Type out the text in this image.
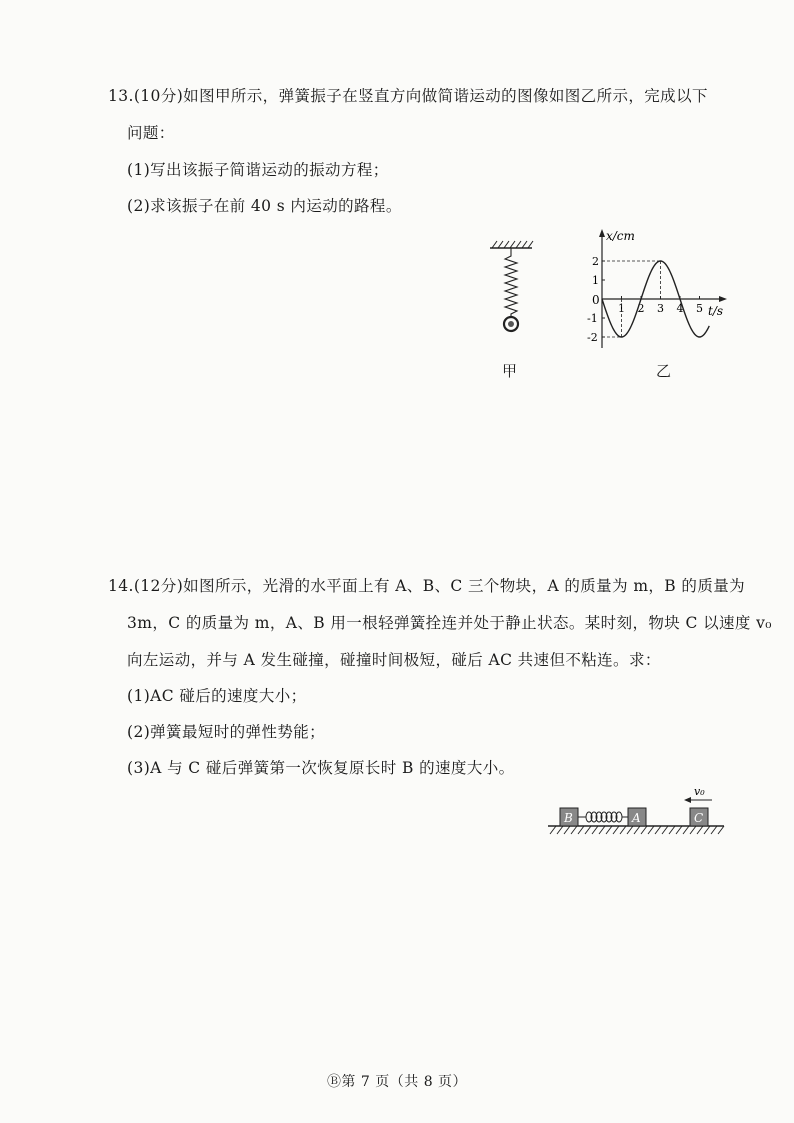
13.(10分)如图甲所示，弹簧振子在竖直方向做简谐运动的图像如图乙所示，完成以下
问题：
(1)写出该振子简谐运动的振动方程；
(2)求该振子在前 40 s 内运动的路程。
甲
x/cm
t/s
0
1 2 3 4 5
2
1
-1
-2
乙
14.(12分)如图所示，光滑的水平面上有 A、B、C 三个物块，A 的质量为 m，B 的质量为
3m，C 的质量为 m，A、B 用一根轻弹簧拴连并处于静止状态。某时刻，物块 C 以速度 v₀
向左运动，并与 A 发生碰撞，碰撞时间极短，碰后 AC 共速但不粘连。求：
(1)AC 碰后的速度大小；
(2)弹簧最短时的弹性势能；
(3)A 与 C 碰后弹簧第一次恢复原长时 B 的速度大小。
B	A	C
v₀
Ⓑ第 7 页（共 8 页）
